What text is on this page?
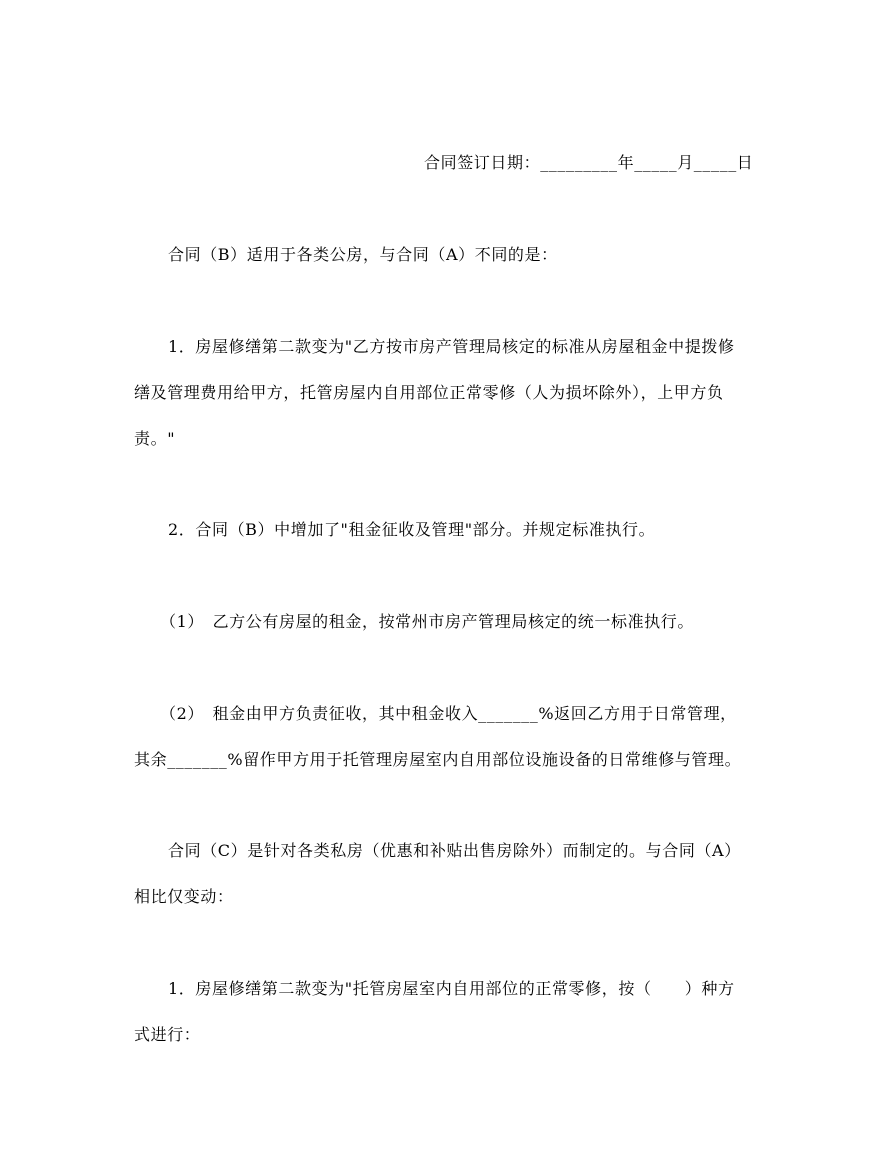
合同签订日期：_________年_____月_____日
合同（B）适用于各类公房，与合同（A）不同的是：
1．房屋修缮第二款变为"乙方按市房产管理局核定的标准从房屋租金中提拨修
缮及管理费用给甲方，托管房屋内自用部位正常零修（人为损坏除外），上甲方负
责。"
2．合同（B）中增加了"租金征收及管理"部分。并规定标准执行。
（1）　乙方公有房屋的租金，按常州市房产管理局核定的统一标准执行。
（2）　租金由甲方负责征收，其中租金收入_______%返回乙方用于日常管理，
其余_______%留作甲方用于托管理房屋室内自用部位设施设备的日常维修与管理。
合同（C）是针对各类私房（优惠和补贴出售房除外）而制定的。与合同（A）
相比仅变动：
1．房屋修缮第二款变为"托管房屋室内自用部位的正常零修，按（　　）种方
式进行：
